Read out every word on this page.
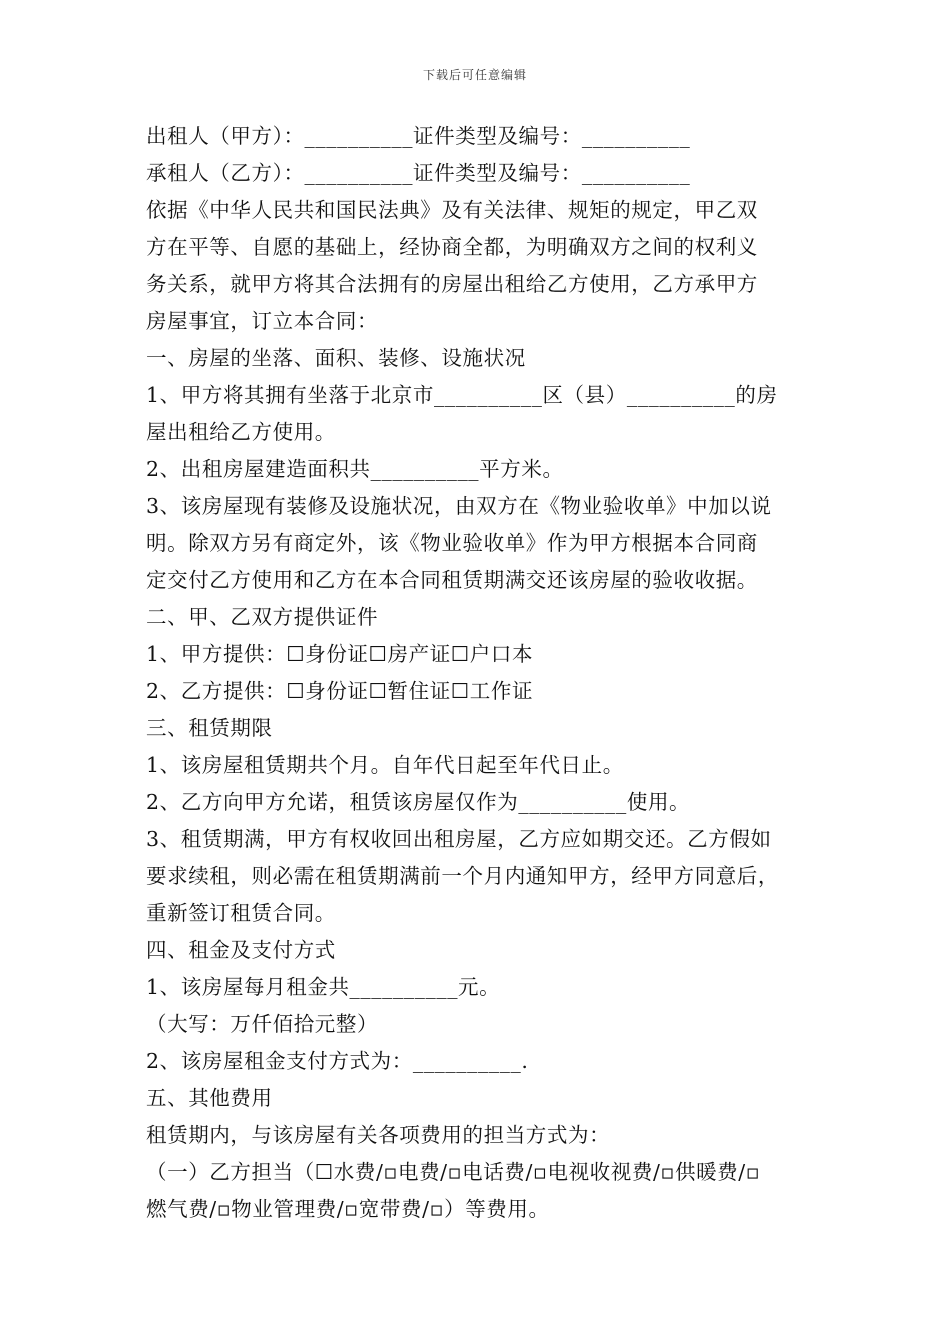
下载后可任意编辑
出租人（甲方）：__________证件类型及编号：__________
承租人（乙方）：__________证件类型及编号：__________
依据《中华人民共和国民法典》及有关法律、规矩的规定，甲乙双
方在平等、自愿的基础上，经协商全都，为明确双方之间的权利义
务关系，就甲方将其合法拥有的房屋出租给乙方使用，乙方承甲方
房屋事宜，订立本合同：
一、房屋的坐落、面积、装修、设施状况
1、甲方将其拥有坐落于北京市__________区（县）__________的房
屋出租给乙方使用。
2、出租房屋建造面积共__________平方米。
3、该房屋现有装修及设施状况，由双方在《物业验收单》中加以说
明。除双方另有商定外，该《物业验收单》作为甲方根据本合同商
定交付乙方使用和乙方在本合同租赁期满交还该房屋的验收收据。
二、甲、乙双方提供证件
1、甲方提供：☐身份证☐房产证☐户口本
2、乙方提供：☐身份证☐暂住证☐工作证
三、租赁期限
1、该房屋租赁期共个月。自年代日起至年代日止。
2、乙方向甲方允诺，租赁该房屋仅作为__________使用。
3、租赁期满，甲方有权收回出租房屋，乙方应如期交还。乙方假如
要求续租，则必需在租赁期满前一个月内通知甲方，经甲方同意后，
重新签订租赁合同。
四、租金及支付方式
1、该房屋每月租金共__________元。
（大写：万仟佰拾元整）
2、该房屋租金支付方式为：__________.
五、其他费用
租赁期内，与该房屋有关各项费用的担当方式为：
（一）乙方担当（☐水费/▫电费/▫电话费/▫电视收视费/▫供暖费/▫
燃气费/▫物业管理费/▫宽带费/▫）等费用。
